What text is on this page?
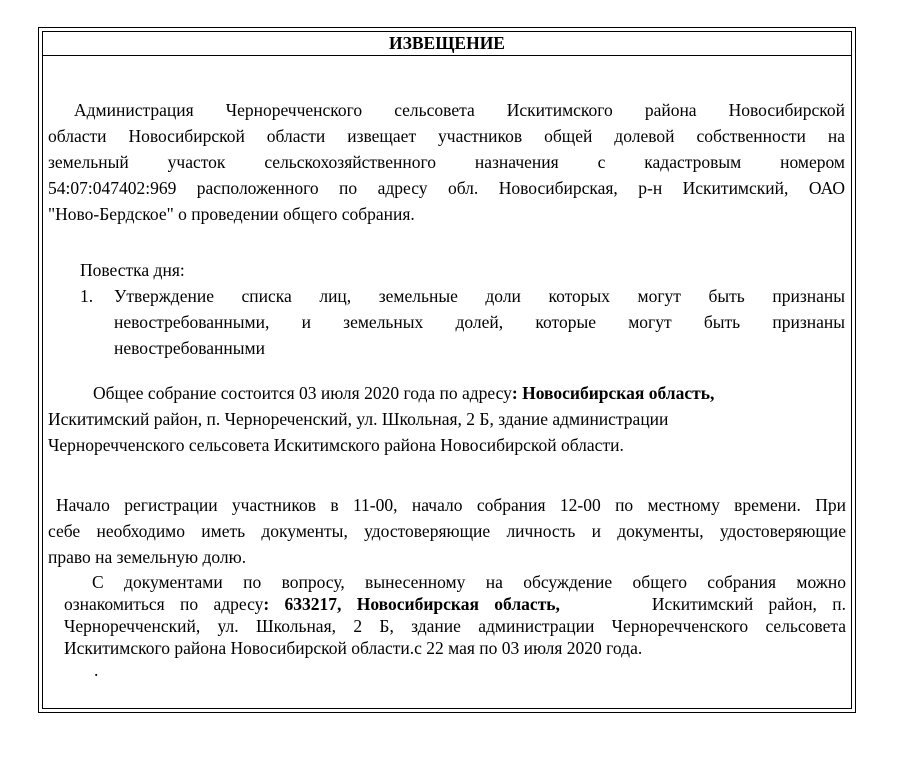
ИЗВЕЩЕНИЕ
Администрация Черноречченского сельсовета Искитимского района Новосибирской
области Новосибирской области извещает участников общей долевой собственности на
земельный участок сельскохозяйственного назначения с кадастровым номером
54:07:047402:969 расположенного по адресу обл. Новосибирская, р-н Искитимский, ОАО
"Ново-Бердское" о проведении общего собрания.
Повестка дня:
1. Утверждение списка лиц, земельные доли которых могут быть признаны
невостребованными, и земельных долей, которые могут быть признаны
невостребованными
Общее собрание состоится 03 июля 2020 года по адресу: Новосибирская область,
Искитимский район, п. Чернореченский, ул. Школьная, 2 Б, здание администрации
Черноречченского сельсовета Искитимского района Новосибирской области.
Начало регистрации участников в 11-00, начало собрания 12-00 по местному времени. При
себе необходимо иметь документы, удостоверяющие личность и документы, удостоверяющие
право на земельную долю.
С документами по вопросу, вынесенному на обсуждение общего собрания можно
ознакомиться по адресу: 633217, Новосибирская область,	Искитимский район, п.
Черноречченский, ул. Школьная, 2 Б, здание администрации Черноречченского сельсовета
Искитимского района Новосибирской области.с 22 мая по 03 июля 2020 года.
.
